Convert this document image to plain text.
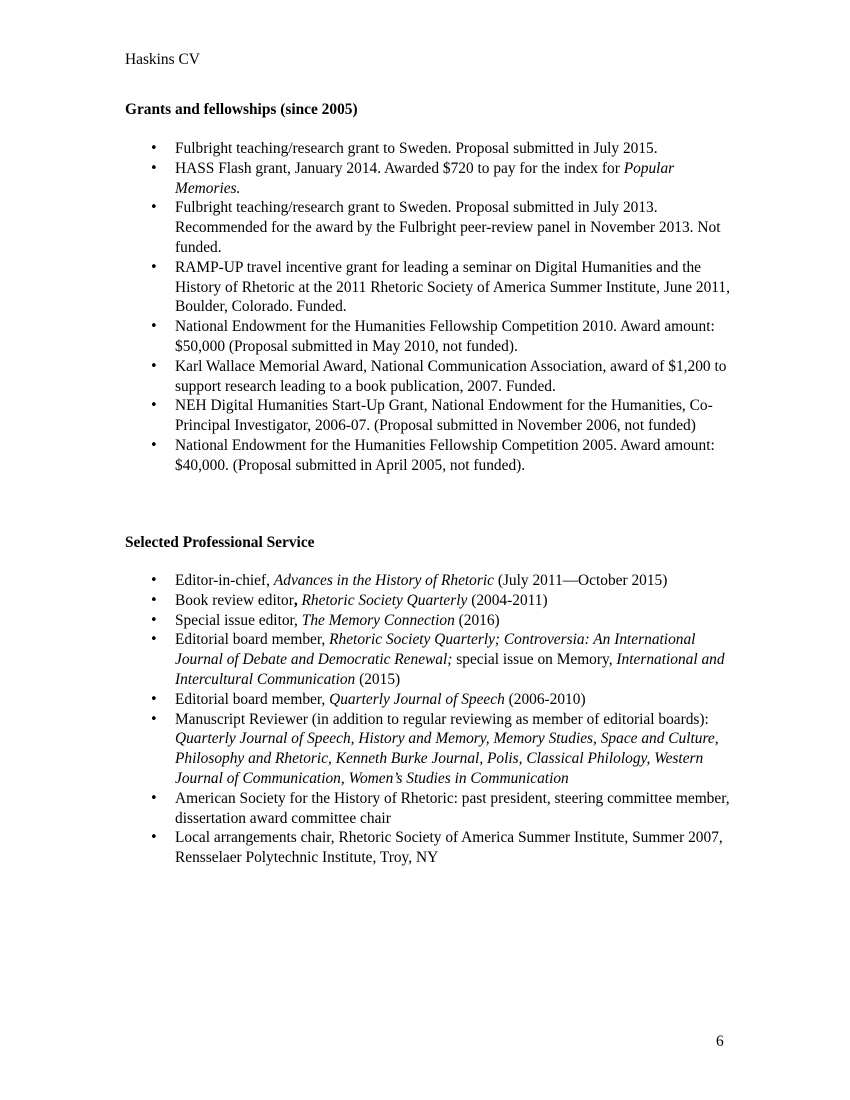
Haskins CV
Grants and fellowships (since 2005)
• Fulbright teaching/research grant to Sweden. Proposal submitted in July 2015.
• HASS Flash grant, January 2014. Awarded $720 to pay for the index for Popular Memories.
• Fulbright teaching/research grant to Sweden. Proposal submitted in July 2013. Recommended for the award by the Fulbright peer-review panel in November 2013. Not funded.
• RAMP-UP travel incentive grant for leading a seminar on Digital Humanities and the History of Rhetoric at the 2011 Rhetoric Society of America Summer Institute, June 2011, Boulder, Colorado. Funded.
• National Endowment for the Humanities Fellowship Competition 2010. Award amount: $50,000 (Proposal submitted in May 2010, not funded).
• Karl Wallace Memorial Award, National Communication Association, award of $1,200 to support research leading to a book publication, 2007. Funded.
• NEH Digital Humanities Start-Up Grant, National Endowment for the Humanities, Co-Principal Investigator, 2006-07. (Proposal submitted in November 2006, not funded)
• National Endowment for the Humanities Fellowship Competition 2005. Award amount: $40,000. (Proposal submitted in April 2005, not funded).
Selected Professional Service
• Editor-in-chief, Advances in the History of Rhetoric (July 2011—October 2015)
• Book review editor, Rhetoric Society Quarterly (2004-2011)
• Special issue editor, The Memory Connection (2016)
• Editorial board member, Rhetoric Society Quarterly; Controversia: An International Journal of Debate and Democratic Renewal; special issue on Memory, International and Intercultural Communication (2015)
• Editorial board member, Quarterly Journal of Speech (2006-2010)
• Manuscript Reviewer (in addition to regular reviewing as member of editorial boards): Quarterly Journal of Speech, History and Memory, Memory Studies, Space and Culture, Philosophy and Rhetoric, Kenneth Burke Journal, Polis, Classical Philology, Western Journal of Communication, Women’s Studies in Communication
• American Society for the History of Rhetoric: past president, steering committee member, dissertation award committee chair
• Local arrangements chair, Rhetoric Society of America Summer Institute, Summer 2007, Rensselaer Polytechnic Institute, Troy, NY
6
